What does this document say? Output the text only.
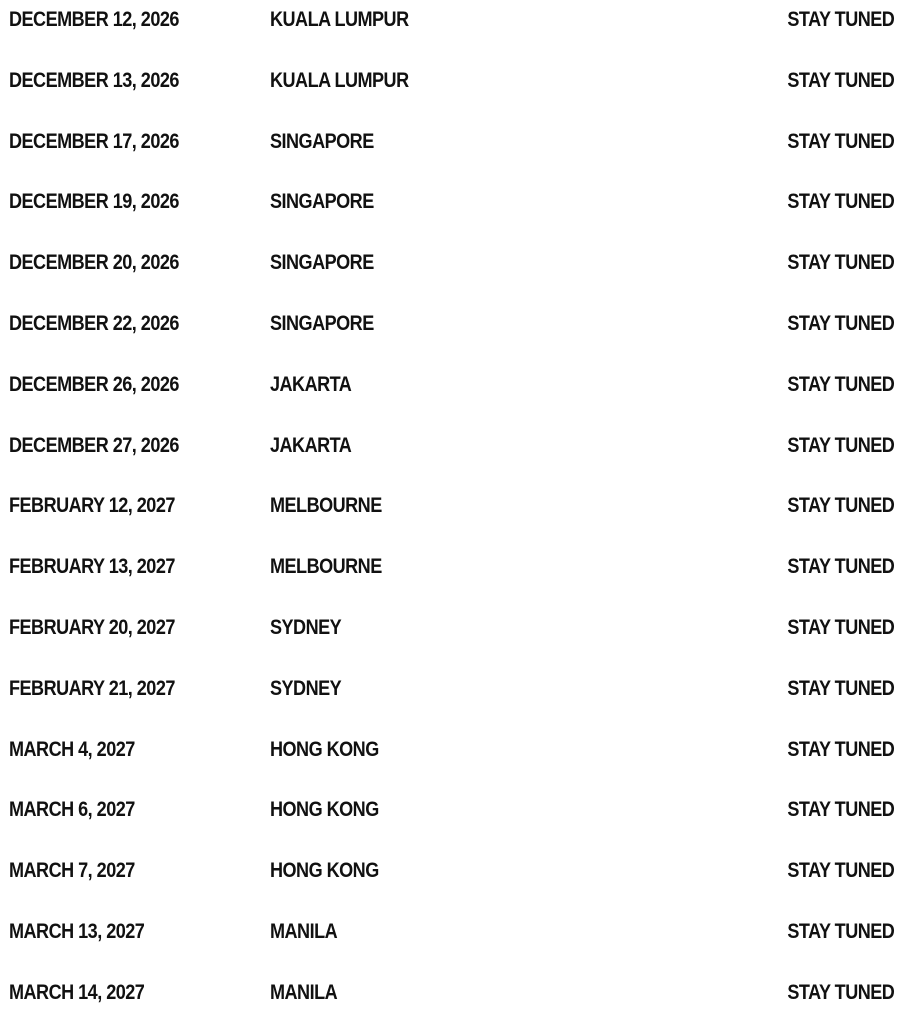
DECEMBER 12, 2026	KUALA LUMPUR	STAY TUNED
DECEMBER 13, 2026	KUALA LUMPUR	STAY TUNED
DECEMBER 17, 2026	SINGAPORE	STAY TUNED
DECEMBER 19, 2026	SINGAPORE	STAY TUNED
DECEMBER 20, 2026	SINGAPORE	STAY TUNED
DECEMBER 22, 2026	SINGAPORE	STAY TUNED
DECEMBER 26, 2026	JAKARTA	STAY TUNED
DECEMBER 27, 2026	JAKARTA	STAY TUNED
FEBRUARY 12, 2027	MELBOURNE	STAY TUNED
FEBRUARY 13, 2027	MELBOURNE	STAY TUNED
FEBRUARY 20, 2027	SYDNEY	STAY TUNED
FEBRUARY 21, 2027	SYDNEY	STAY TUNED
MARCH 4, 2027	HONG KONG	STAY TUNED
MARCH 6, 2027	HONG KONG	STAY TUNED
MARCH 7, 2027	HONG KONG	STAY TUNED
MARCH 13, 2027	MANILA	STAY TUNED
MARCH 14, 2027	MANILA	STAY TUNED
